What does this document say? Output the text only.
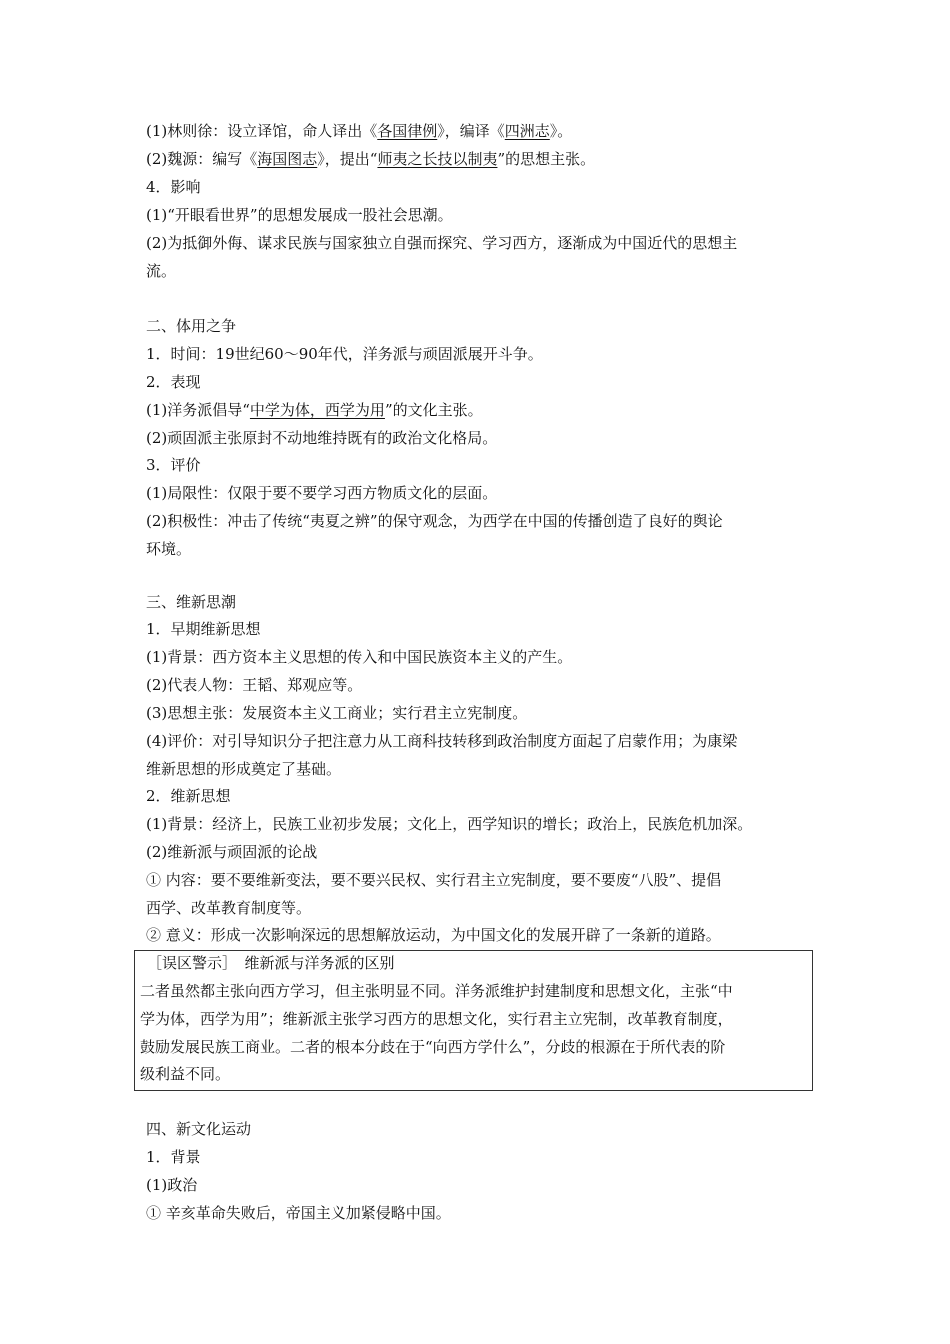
(1)林则徐：设立译馆，命人译出《各国律例》，编译《四洲志》。
(2)魏源：编写《海国图志》，提出“师夷之长技以制夷”的思想主张。
4．影响
(1)“开眼看世界”的思想发展成一股社会思潮。
(2)为抵御外侮、谋求民族与国家独立自强而探究、学习西方，逐渐成为中国近代的思想主
流。
二、体用之争
1．时间：19世纪60～90年代，洋务派与顽固派展开斗争。
2．表现
(1)洋务派倡导“中学为体，西学为用”的文化主张。
(2)顽固派主张原封不动地维持既有的政治文化格局。
3．评价
(1)局限性：仅限于要不要学习西方物质文化的层面。
(2)积极性：冲击了传统“夷夏之辨”的保守观念，为西学在中国的传播创造了良好的舆论
环境。
三、维新思潮
1．早期维新思想
(1)背景：西方资本主义思想的传入和中国民族资本主义的产生。
(2)代表人物：王韬、郑观应等。
(3)思想主张：发展资本主义工商业；实行君主立宪制度。
(4)评价：对引导知识分子把注意力从工商科技转移到政治制度方面起了启蒙作用；为康梁
维新思想的形成奠定了基础。
2．维新思想
(1)背景：经济上，民族工业初步发展；文化上，西学知识的增长；政治上，民族危机加深。
(2)维新派与顽固派的论战
① 内容：要不要维新变法，要不要兴民权、实行君主立宪制度，要不要废“八股”、提倡
西学、改革教育制度等。
② 意义：形成一次影响深远的思想解放运动，为中国文化的发展开辟了一条新的道路。
［误区警示］　维新派与洋务派的区别
二者虽然都主张向西方学习，但主张明显不同。洋务派维护封建制度和思想文化，主张“中
学为体，西学为用”；维新派主张学习西方的思想文化，实行君主立宪制，改革教育制度，
鼓励发展民族工商业。二者的根本分歧在于“向西方学什么”，分歧的根源在于所代表的阶
级利益不同。
四、新文化运动
1．背景
(1)政治
① 辛亥革命失败后，帝国主义加紧侵略中国。
